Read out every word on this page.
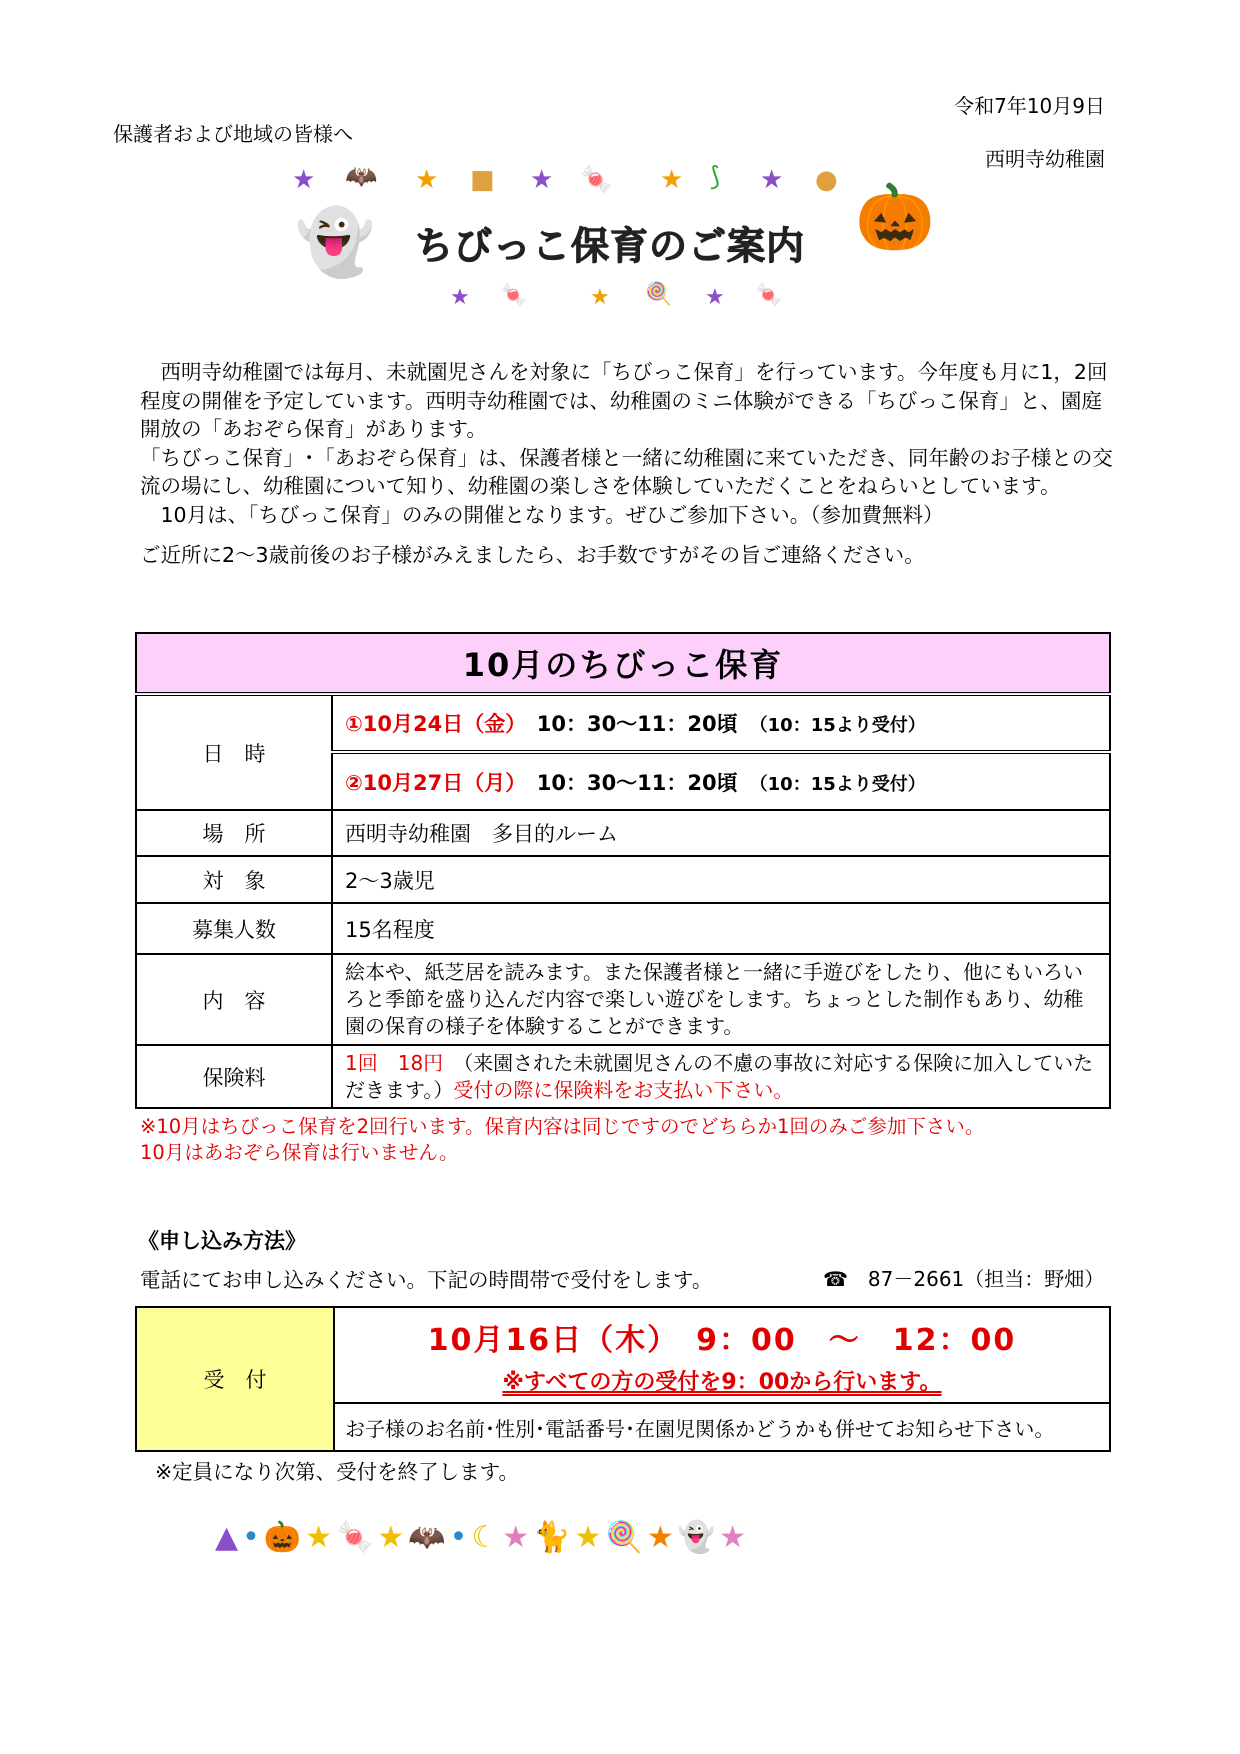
令和7年10月9日
保護者および地域の皆様へ
西明寺幼稚園
★ 🦇 ★ ■ ★ 🍬 ★ ⟆ ★ ●
👻	🎃
★ 🍬	★ 🍭 ★ 🍬
ちびっこ保育のご案内

　西明寺幼稚園では毎月、未就園児さんを対象に「ちびっこ保育」を行っています。今年度も月に1，2回程度の開催を予定しています。西明寺幼稚園では、幼稚園のミニ体験ができる「ちびっこ保育」と、園庭開放の「あおぞら保育」があります。

「ちびっこ保育」･「あおぞら保育」は、保護者様と一緒に幼稚園に来ていただき、同年齢のお子様との交流の場にし、幼稚園について知り、幼稚園の楽しさを体験していただくことをねらいとしています。

　10月は、「ちびっこ保育」のみの開催となります。ぜひご参加下さい。（参加費無料）

ご近所に2～3歳前後のお子様がみえましたら、お手数ですがその旨ご連絡ください。

10月のちびっこ保育	
日　時	①10月24日（金）　 10：30～11：20頃　 （10：15より受付）
	②10月27日（月）　 10：30～11：20頃　 （10：15より受付）
場　所	西明寺幼稚園　多目的ルーム
対　象	2～3歳児
募集人数	15名程度
内　容	絵本や、紙芝居を読みます。また保護者様と一緒に手遊びをしたり、他にもいろいろと季節を盛り込んだ内容で楽しい遊びをします。ちょっとした制作もあり、幼稚園の保育の様子を体験することができます。
保険料	1回　18円　 （来園された未就園児さんの不慮の事故に対応する保険に加入していただきます。）受付の際に保険料をお支払い下さい。
※10月はちびっこ保育を2回行います。保育内容は同じですのでどちらか1回のみご参加下さい。
10月はあおぞら保育は行いません。
《申し込み方法》
電話にてお申し込みください。下記の時間帯で受付をします。	☎　 87－2661（担当：野畑）
受　付	
10月16日（木）　9：00　～　12：00
※すべての方の受付を9：00から行います。

お子様のお名前･性別･電話番号･在園児関係かどうかも併せてお知らせ下さい。
※定員になり次第、受付を終了します。
▲•🎃★🍬★🦇•☾★🐈★🍭★👻★
